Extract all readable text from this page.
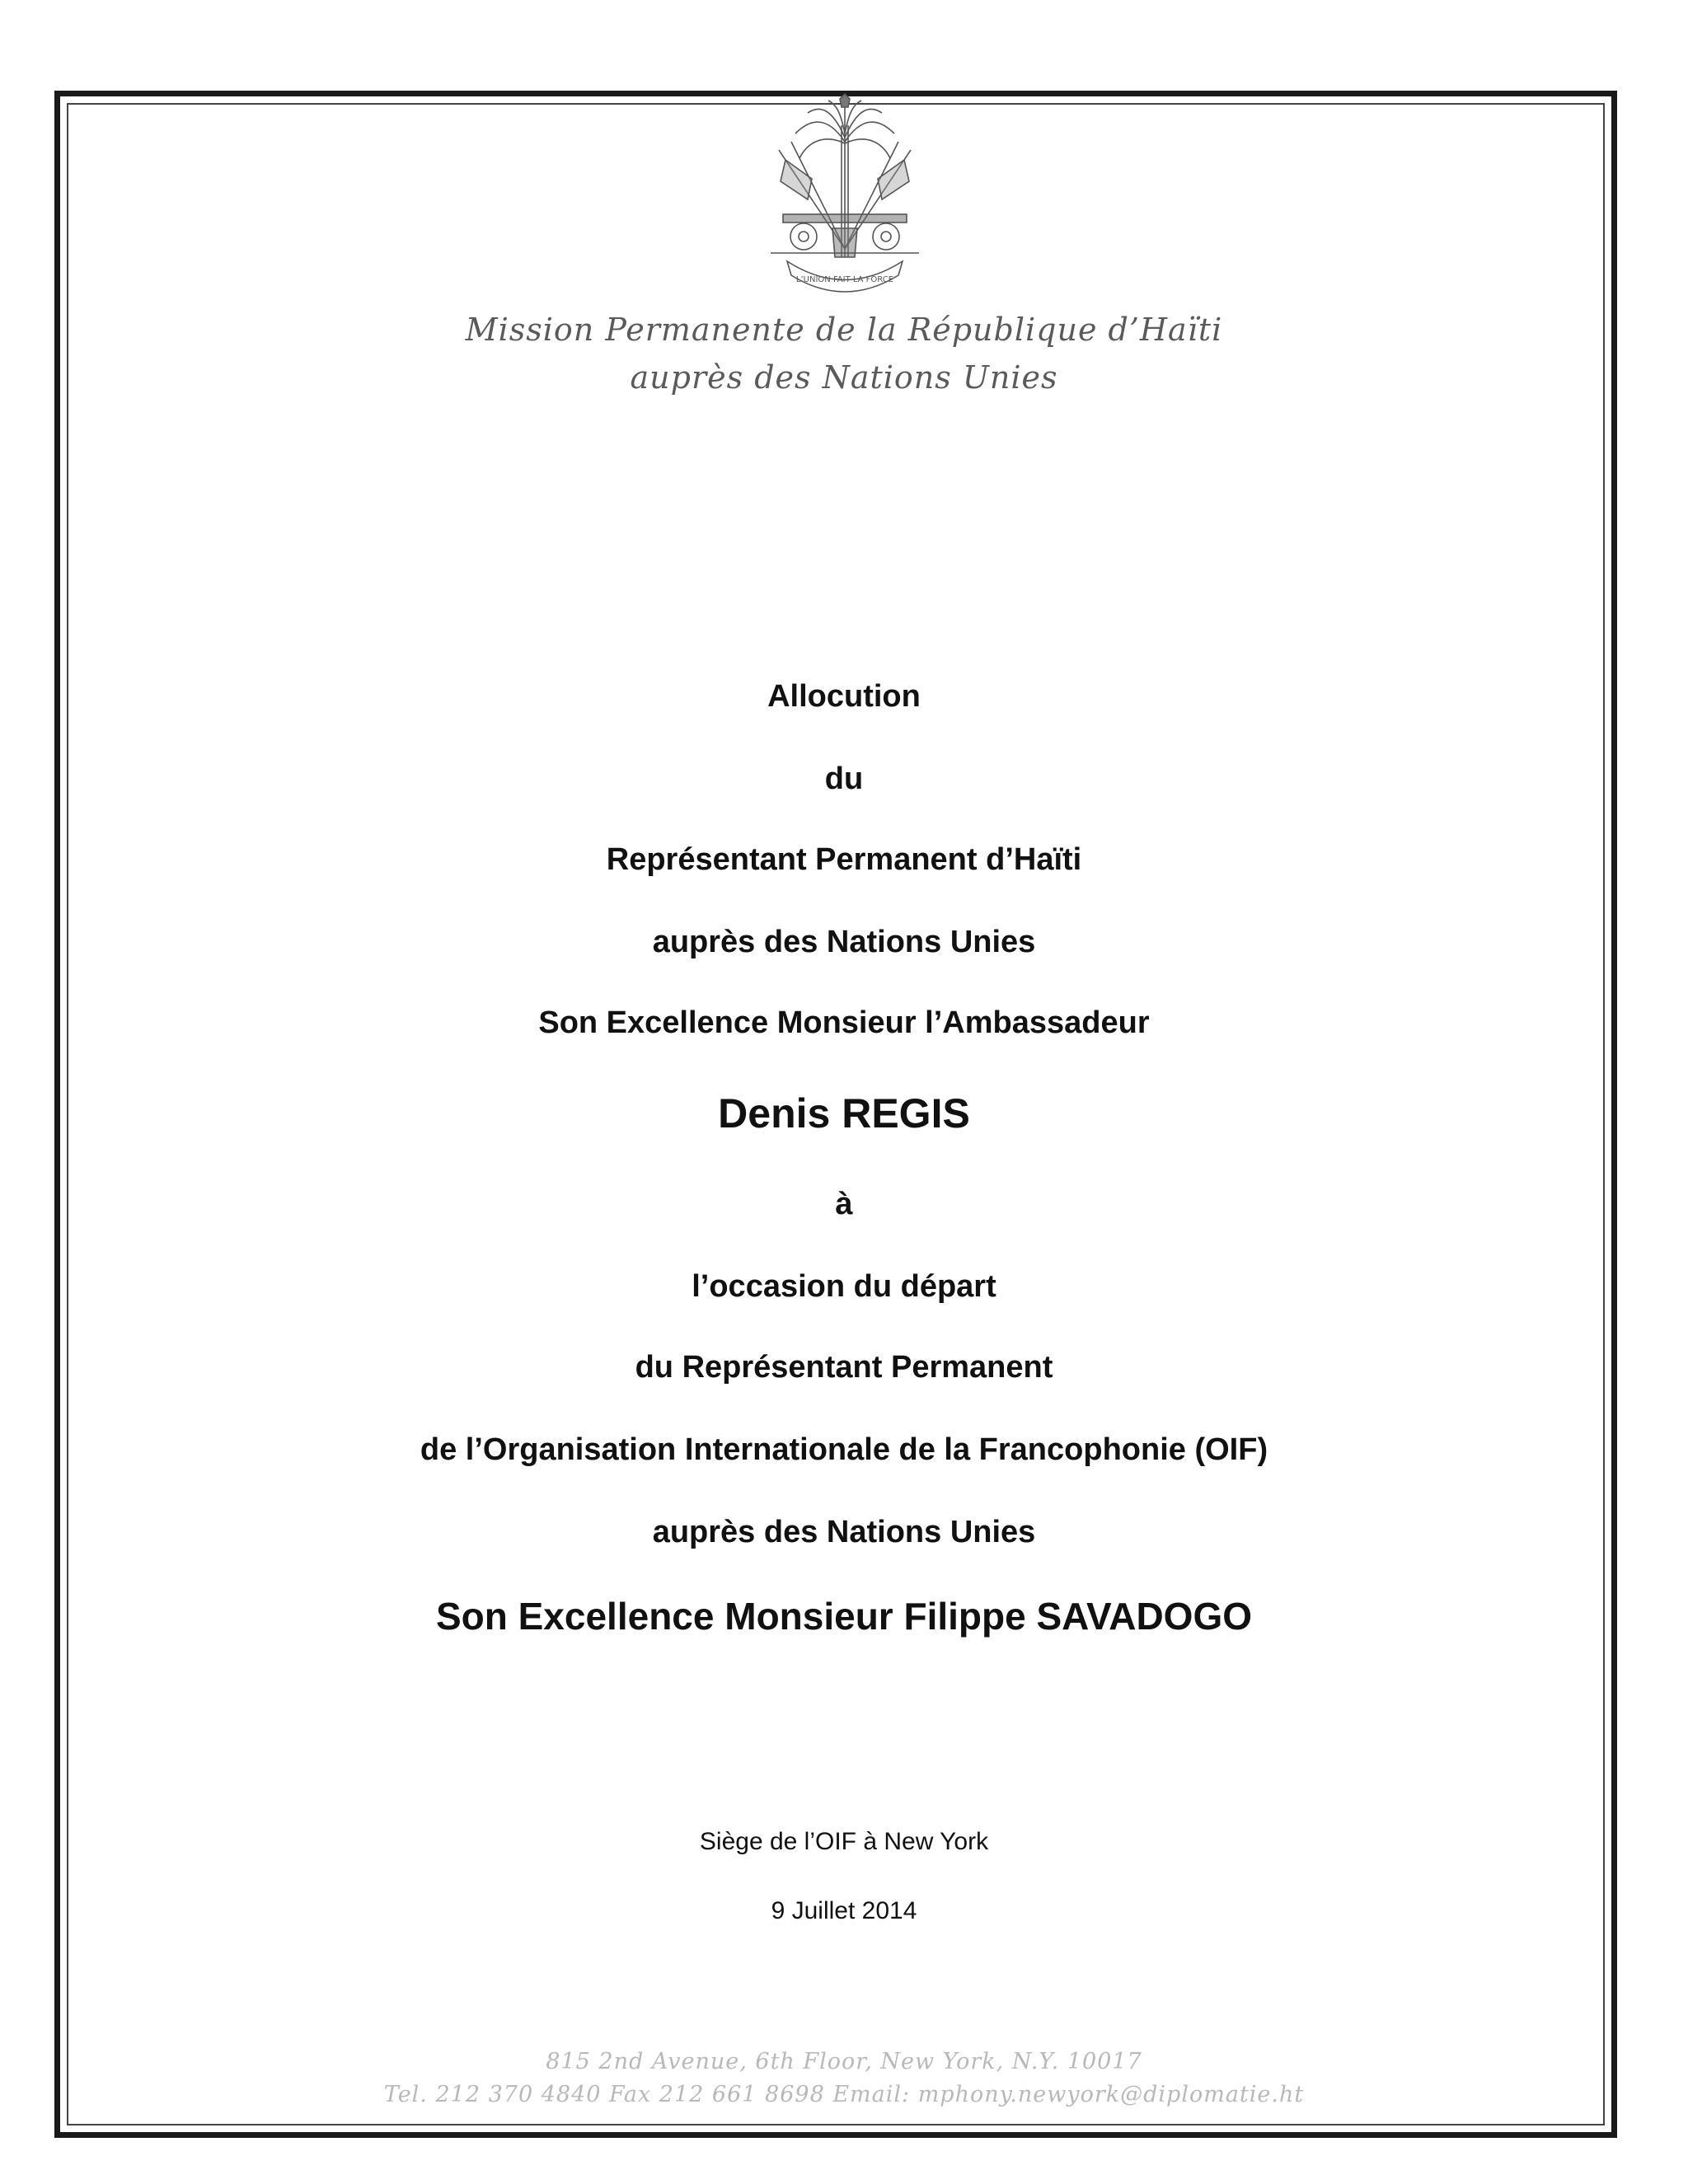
L’UNION FAIT LA FORCE
Mission Permanente de la République d’Haïti
auprès des Nations Unies
Allocution
du
Représentant Permanent d’Haïti
auprès des Nations Unies
Son Excellence Monsieur l’Ambassadeur
Denis REGIS
à
l’occasion du départ
du Représentant Permanent
de l’Organisation Internationale de la Francophonie (OIF)
auprès des Nations Unies
Son Excellence Monsieur Filippe SAVADOGO
Siège de l’OIF à New York
9 Juillet 2014
815 2nd Avenue, 6th Floor, New York, N.Y. 10017
Tel. 212 370 4840 Fax 212 661 8698 Email: mphony.newyork@diplomatie.ht
